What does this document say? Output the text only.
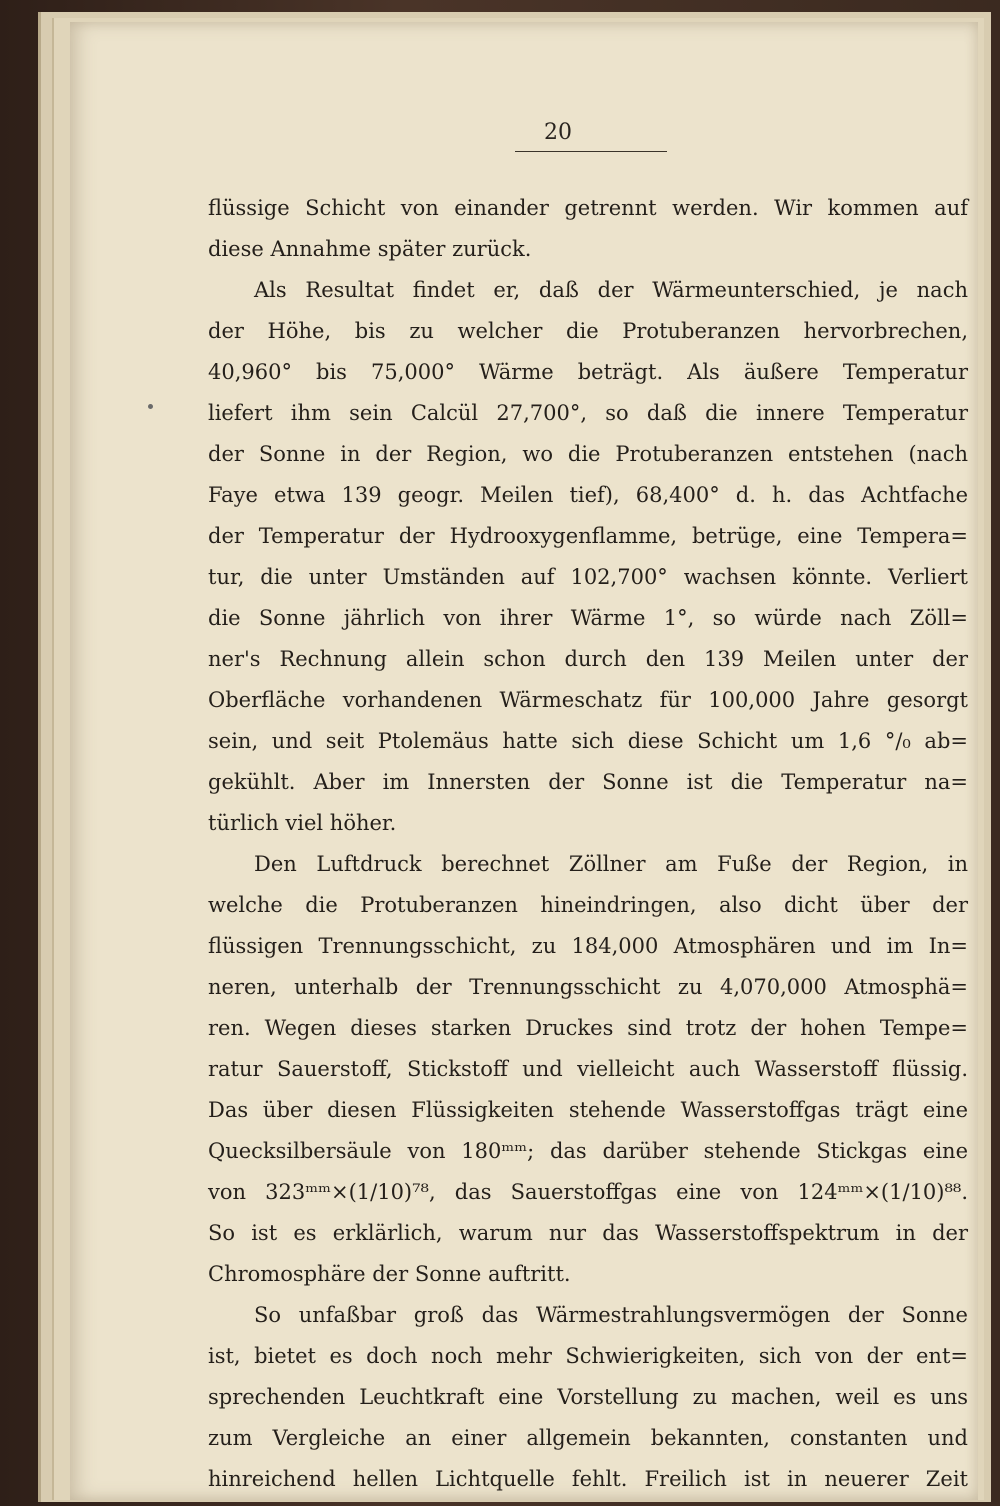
20
flüssige Schicht von einander getrennt werden. Wir kommen auf
diese Annahme später zurück.
Als Resultat findet er, daß der Wärmeunterschied, je nach
der Höhe, bis zu welcher die Protuberanzen hervorbrechen,
40,960° bis 75,000° Wärme beträgt. Als äußere Temperatur
liefert ihm sein Calcül 27,700°, so daß die innere Temperatur
der Sonne in der Region, wo die Protuberanzen entstehen (nach
Faye etwa 139 geogr. Meilen tief), 68,400° d. h. das Achtfache
der Temperatur der Hydrooxygenflamme, betrüge, eine Tempera=
tur, die unter Umständen auf 102,700° wachsen könnte. Verliert
die Sonne jährlich von ihrer Wärme 1°, so würde nach Zöll=
ner's Rechnung allein schon durch den 139 Meilen unter der
Oberfläche vorhandenen Wärmeschatz für 100,000 Jahre gesorgt
sein, und seit Ptolemäus hatte sich diese Schicht um 1,6 °/₀ ab=
gekühlt. Aber im Innersten der Sonne ist die Temperatur na=
türlich viel höher.
Den Luftdruck berechnet Zöllner am Fuße der Region, in
welche die Protuberanzen hineindringen, also dicht über der
flüssigen Trennungsschicht, zu 184,000 Atmosphären und im In=
neren, unterhalb der Trennungsschicht zu 4,070,000 Atmosphä=
ren. Wegen dieses starken Druckes sind trotz der hohen Tempe=
ratur Sauerstoff, Stickstoff und vielleicht auch Wasserstoff flüssig.
Das über diesen Flüssigkeiten stehende Wasserstoffgas trägt eine
Quecksilbersäule von 180ᵐᵐ; das darüber stehende Stickgas eine
von 323ᵐᵐ×(1/10)⁷⁸, das Sauerstoffgas eine von 124ᵐᵐ×(1/10)⁸⁸.
So ist es erklärlich, warum nur das Wasserstoffspektrum in der
Chromosphäre der Sonne auftritt.
So unfaßbar groß das Wärmestrahlungsvermögen der Sonne
ist, bietet es doch noch mehr Schwierigkeiten, sich von der ent=
sprechenden Leuchtkraft eine Vorstellung zu machen, weil es uns
zum Vergleiche an einer allgemein bekannten, constanten und
hinreichend hellen Lichtquelle fehlt. Freilich ist in neuerer Zeit
